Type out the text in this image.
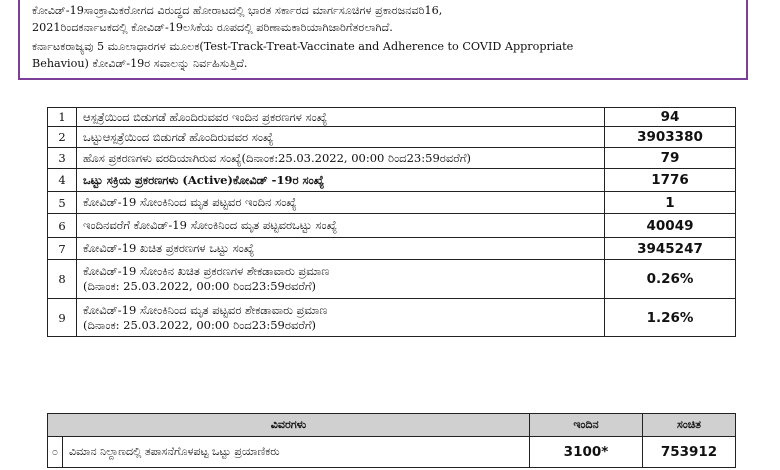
ಕೋವಿಡ್-19ಸಾಂಕ್ರಾಮಿಕರೋಗದ ವಿರುದ್ಧದ ಹೋರಾಟದಲ್ಲಿ ಭಾರತ ಸರ್ಕಾರದ ಮಾರ್ಗಸೂಚಿಗಳ ಪ್ರಕಾರಜನವರಿ16,

2021ರಿಂದಕರ್ನಾಟಕದಲ್ಲಿ ಕೋವಿಡ್-19ಲಸಿಕೆಯ ರೂಪದಲ್ಲಿ ಪರಿಣಾಮಕಾರಿಯಾಗಿಜಾರಿಗೆತರಲಾಗಿದೆ.

ಕರ್ನಾಟಕರಾಜ್ಯವು 5 ಮೂಲಾಧಾರಗಳ ಮೂಲಕ(Test-Track-Treat-Vaccinate and Adherence to COVID Appropriate

Behaviou) ಕೋವಿಡ್-19ರ ಸವಾಲನ್ನು ನಿರ್ವಹಿಸುತ್ತಿದೆ.

1	ಆಸ್ಪತ್ರೆಯಿಂದ ಬಿಡುಗಡೆ ಹೊಂದಿರುವವರ ಇಂದಿನ ಪ್ರಕರಣಗಳ ಸಂಖ್ಯೆ	94
2	ಒಟ್ಟುಆಸ್ಪತ್ರೆಯಿಂದ ಬಿಡುಗಡೆ ಹೊಂದಿರುವವರ ಸಂಖ್ಯೆ	3903380
3	ಹೊಸ ಪ್ರಕರಣಗಳು ವರದಿಯಾಗಿರುವ ಸಂಖ್ಯೆ(ದಿನಾಂಕ:25.03.2022, 00:00 ರಿಂದ23:59ರವರೆಗೆ)	79
4	ಒಟ್ಟು ಸಕ್ರಿಯ ಪ್ರಕರಣಗಳು (Active)ಕೋವಿಡ್ -19ರ ಸಂಖ್ಯೆ	1776
5	ಕೋವಿಡ್-19 ಸೋಂಕಿನಿಂದ ಮೃತ ಪಟ್ಟವರ ಇಂದಿನ ಸಂಖ್ಯೆ	1
6	ಇಂದಿನವರೆಗೆ ಕೋವಿಡ್-19 ಸೋಂಕಿನಿಂದ ಮೃತ ಪಟ್ಟವರಒಟ್ಟು ಸಂಖ್ಯೆ	40049
7	ಕೋವಿಡ್-19 ಖಚಿತ ಪ್ರಕರಣಗಳ ಒಟ್ಟು ಸಂಖ್ಯೆ	3945247
8	ಕೋವಿಡ್-19 ಸೋಂಕಿನ ಖಚಿತ ಪ್ರಕರಣಗಳ ಶೇಕಡಾವಾರು ಪ್ರಮಾಣ
(ದಿನಾಂಕ: 25.03.2022, 00:00 ರಿಂದ23:59ರವರೆಗೆ)	0.26%
9	ಕೋವಿಡ್-19 ಸೋಂಕಿನಿಂದ ಮೃತ ಪಟ್ಟವರ ಶೇಕಡಾವಾರು ಪ್ರಮಾಣ
(ದಿನಾಂಕ: 25.03.2022, 00:00 ರಿಂದ23:59ರವರೆಗೆ)	1.26%
ವಿವರಗಳು		ಇಂದಿನ	ಸಂಚಿತ
೦	ವಿಮಾನ ನಿಲ್ದಾಣದಲ್ಲಿ ತಪಾಸನೆಗೊಳಪಟ್ಟ ಒಟ್ಟು ಪ್ರಯಾಣಿಕರು	3100*	753912
